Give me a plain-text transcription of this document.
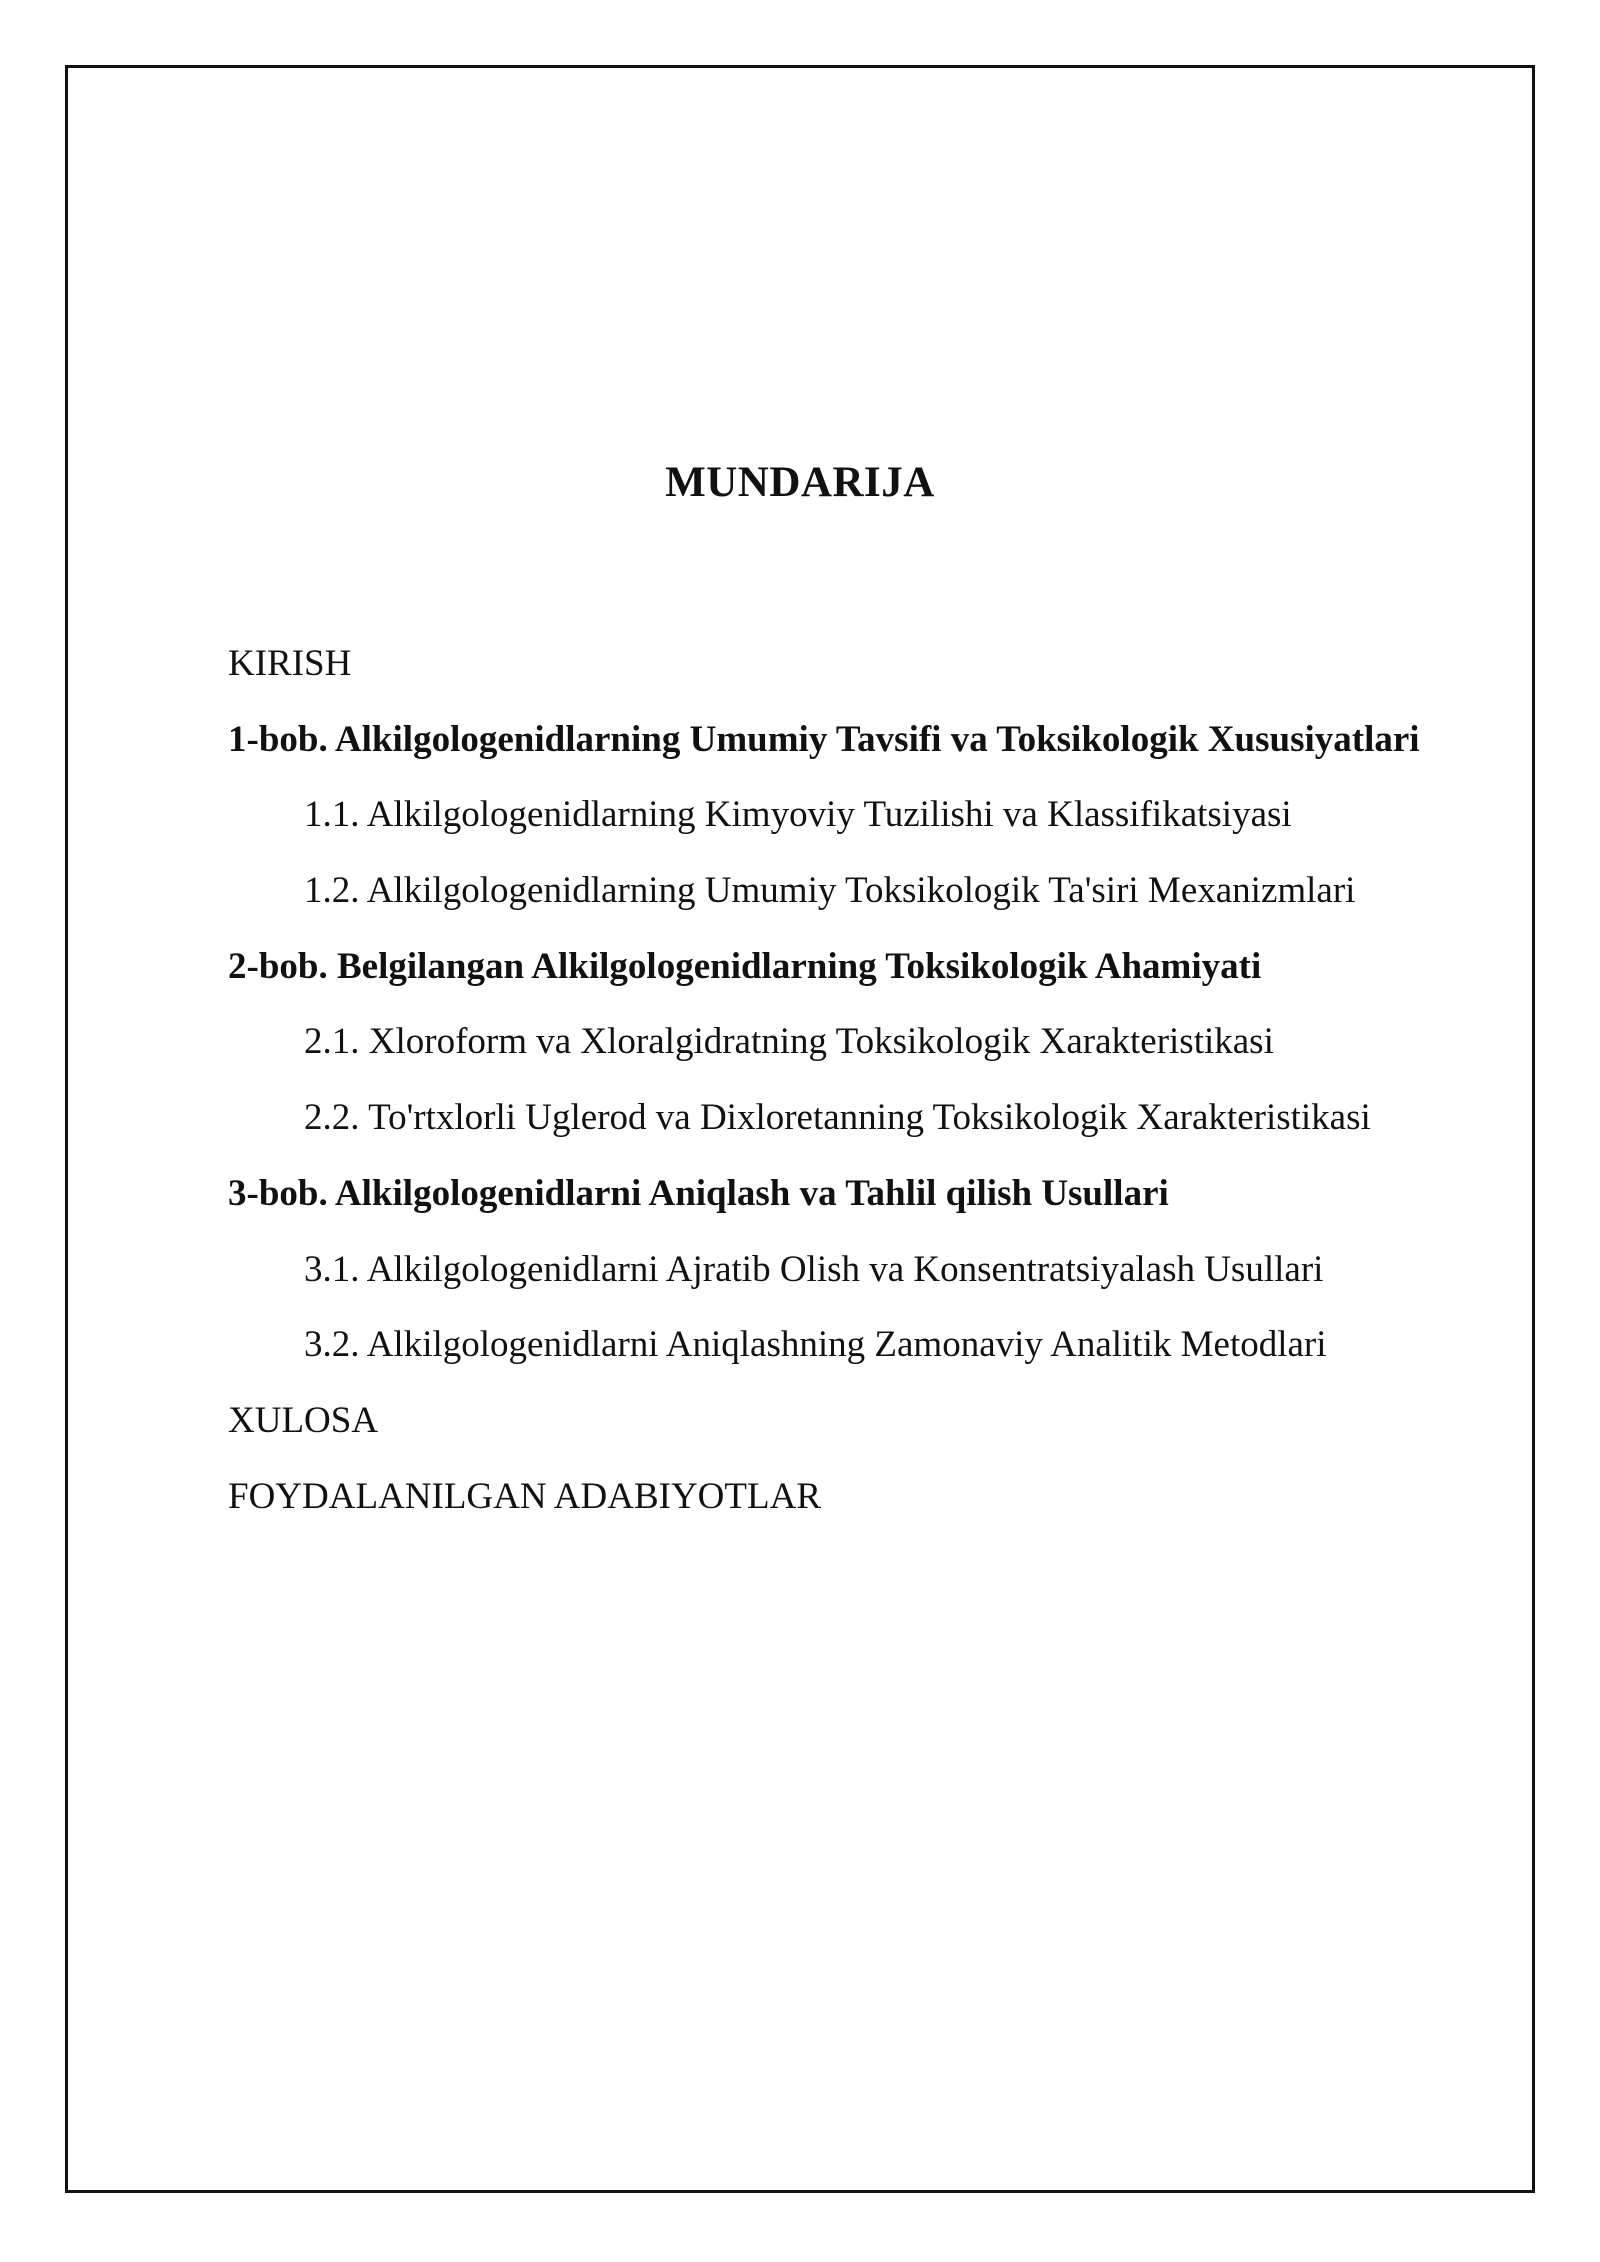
MUNDARIJA
KIRISH
1-bob. Alkilgologenidlarning Umumiy Tavsifi va Toksikologik Xususiyatlari
1.1. Alkilgologenidlarning Kimyoviy Tuzilishi va Klassifikatsiyasi
1.2. Alkilgologenidlarning Umumiy Toksikologik Ta'siri Mexanizmlari
2-bob. Belgilangan Alkilgologenidlarning Toksikologik Ahamiyati
2.1. Xloroform va Xloralgidratning Toksikologik Xarakteristikasi
2.2. To'rtxlorli Uglerod va Dixloretanning Toksikologik Xarakteristikasi
3-bob. Alkilgologenidlarni Aniqlash va Tahlil qilish Usullari
3.1. Alkilgologenidlarni Ajratib Olish va Konsentratsiyalash Usullari
3.2. Alkilgologenidlarni Aniqlashning Zamonaviy Analitik Metodlari
XULOSA
FOYDALANILGAN ADABIYOTLAR
